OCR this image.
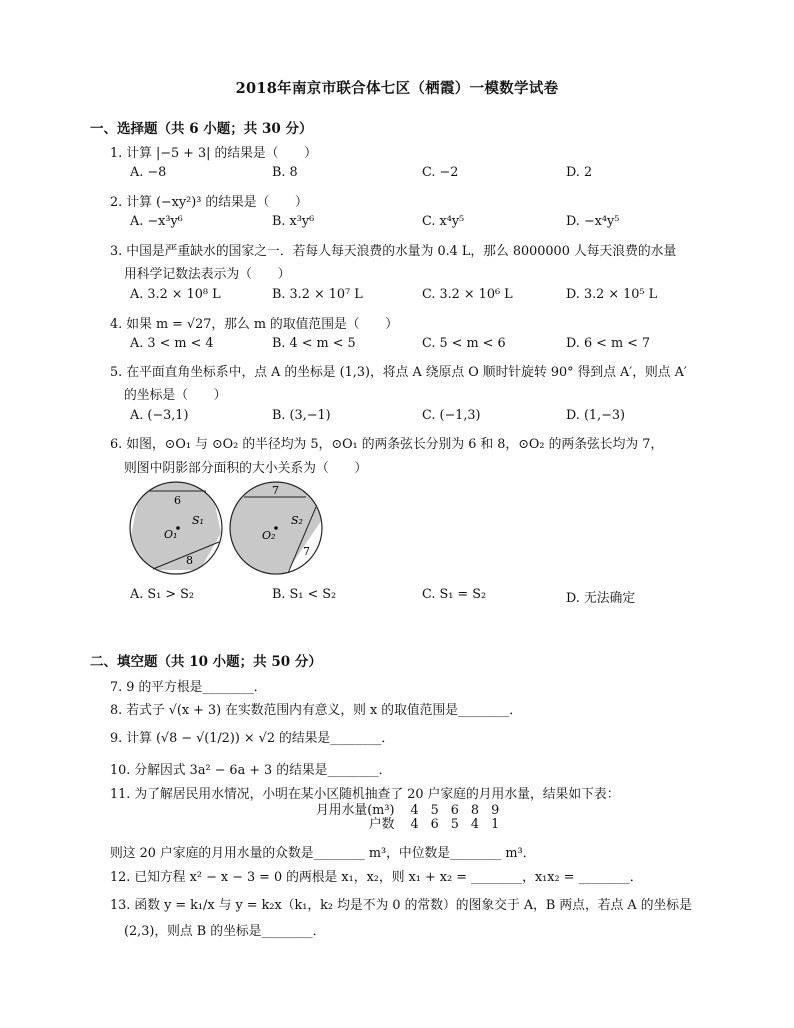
2018年南京市联合体七区（栖霞）一模数学试卷
一、选择题（共 6 小题；共 30 分）
1. 计算 |−5 + 3| 的结果是（　　）
A. −8	B. 8	C. −2	D. 2
2. 计算 (−xy²)³ 的结果是（　　）
A. −x³y⁶	B. x³y⁶	C. x⁴y⁵	D. −x⁴y⁵
3. 中国是严重缺水的国家之一．若每人每天浪费的水量为 0.4 L，那么 8000000 人每天浪费的水量
用科学记数法表示为（　　）
A. 3.2 × 10⁸ L	B. 3.2 × 10⁷ L	C. 3.2 × 10⁶ L	D. 3.2 × 10⁵ L
4. 如果 m = √27，那么 m 的取值范围是（　　）
A. 3 < m < 4	B. 4 < m < 5	C. 5 < m < 6	D. 6 < m < 7
5. 在平面直角坐标系中，点 A 的坐标是 (1,3)，将点 A 绕原点 O 顺时针旋转 90° 得到点 A′，则点 A′
的坐标是（　　）
A. (−3,1)	B. (3,−1)	C. (−1,3)	D. (1,−3)
6. 如图，⊙O₁ 与 ⊙O₂ 的半径均为 5，⊙O₁ 的两条弦长分别为 6 和 8，⊙O₂ 的两条弦长均为 7，
则图中阴影部分面积的大小关系为（　　）
6
8
S₁
O₁
7
7
S₂
O₂
A. S₁ > S₂	B. S₁ < S₂	C. S₁ = S₂	D. 无法确定
二、填空题（共 10 小题；共 50 分）
7. 9 的平方根是________．
8. 若式子 √(x + 3) 在实数范围内有意义，则 x 的取值范围是________．
9. 计算 (√8 − √(1/2)) × √2 的结果是________．
10. 分解因式 3a² − 6a + 3 的结果是________．
11. 为了解居民用水情况，小明在某小区随机抽查了 20 户家庭的月用水量，结果如下表：
月用水量(m³)	4	5	6	8	9
户数	4	6	5	4	1
则这 20 户家庭的月用水量的众数是________ m³，中位数是________ m³．
12. 已知方程 x² − x − 3 = 0 的两根是 x₁，x₂，则 x₁ + x₂ = ________，x₁x₂ = ________．
13. 函数 y = k₁/x 与 y = k₂x（k₁，k₂ 均是不为 0 的常数）的图象交于 A，B 两点，若点 A 的坐标是
(2,3)，则点 B 的坐标是________．
